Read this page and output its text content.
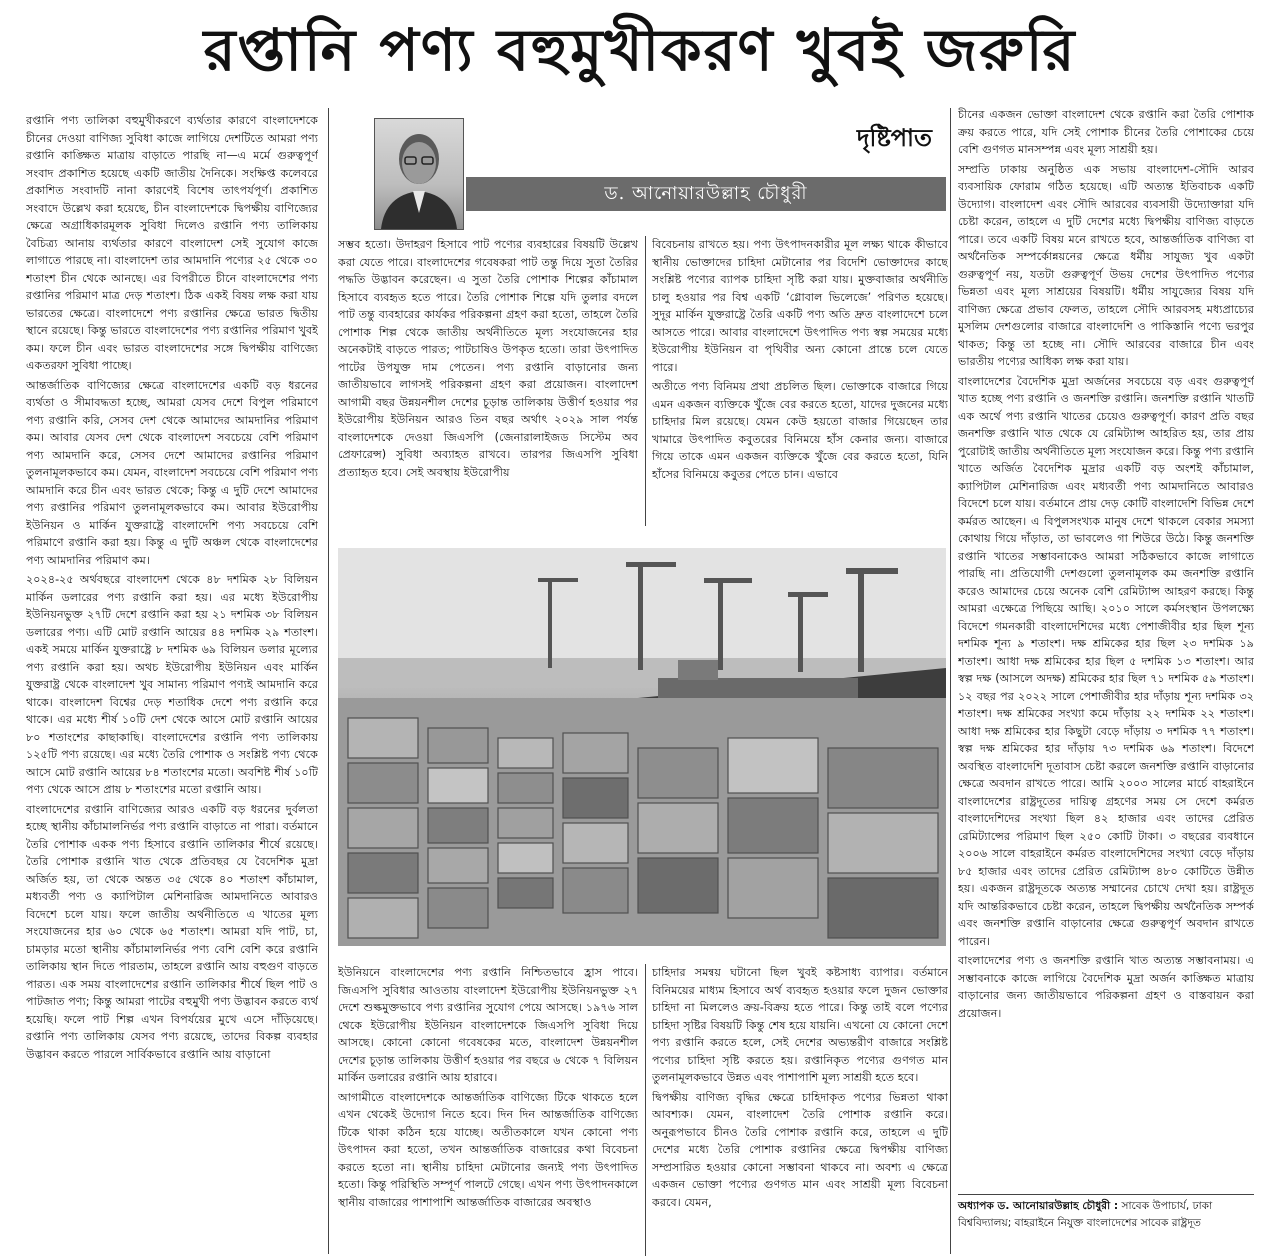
রপ্তানি পণ্য বহুমুখীকরণ খুবই জরুরি

রপ্তানি পণ্য তালিকা বহুমুখীকরণে ব্যর্থতার কারণে বাংলাদেশকে চীনের দেওয়া বাণিজ্য সুবিধা কাজে লাগিয়ে দেশটিতে আমরা পণ্য রপ্তানি কাঙ্ক্ষিত মাত্রায় বাড়াতে পারছি না—এ মর্মে গুরুত্বপূর্ণ সংবাদ প্রকাশিত হয়েছে একটি জাতীয় দৈনিকে। সংক্ষিপ্ত কলেবরে প্রকাশিত সংবাদটি নানা কারণেই বিশেষ তাৎপর্যপূর্ণ। প্রকাশিত সংবাদে উল্লেখ করা হয়েছে, চীন বাংলাদেশকে দ্বিপক্ষীয় বাণিজ্যের ক্ষেত্রে অগ্রাধিকারমূলক সুবিধা দিলেও রপ্তানি পণ্য তালিকায় বৈচিত্র্য আনায় ব্যর্থতার কারণে বাংলাদেশ সেই সুযোগ কাজে লাগাতে পারছে না। বাংলাদেশ তার আমদানি পণ্যের ২৫ থেকে ৩০ শতাংশ চীন থেকে আনছে। এর বিপরীতে চীনে বাংলাদেশের পণ্য রপ্তানির পরিমাণ মাত্র দেড় শতাংশ। ঠিক একই বিষয় লক্ষ করা যায় ভারতের ক্ষেত্রে। বাংলাদেশে পণ্য রপ্তানির ক্ষেত্রে ভারত দ্বিতীয় স্থানে রয়েছে। কিন্তু ভারতে বাংলাদেশের পণ্য রপ্তানির পরিমাণ খুবই কম। ফলে চীন এবং ভারত বাংলাদেশের সঙ্গে দ্বিপক্ষীয় বাণিজ্যে একতরফা সুবিধা পাচ্ছে।

আন্তর্জাতিক বাণিজ্যের ক্ষেত্রে বাংলাদেশের একটি বড় ধরনের ব্যর্থতা ও সীমাবদ্ধতা হচ্ছে, আমরা যেসব দেশে বিপুল পরিমাণে পণ্য রপ্তানি করি, সেসব দেশ থেকে আমাদের আমদানির পরিমাণ কম। আবার যেসব দেশ থেকে বাংলাদেশ সবচেয়ে বেশি পরিমাণ পণ্য আমদানি করে, সেসব দেশে আমাদের রপ্তানির পরিমাণ তুলনামূলকভাবে কম। যেমন, বাংলাদেশ সবচেয়ে বেশি পরিমাণ পণ্য আমদানি করে চীন এবং ভারত থেকে; কিন্তু এ দুটি দেশে আমাদের পণ্য রপ্তানির পরিমাণ তুলনামূলকভাবে কম। আবার ইউরোপীয় ইউনিয়ন ও মার্কিন যুক্তরাষ্ট্রে বাংলাদেশি পণ্য সবচেয়ে বেশি পরিমাণে রপ্তানি করা হয়। কিন্তু এ দুটি অঞ্চল থেকে বাংলাদেশের পণ্য আমদানির পরিমাণ কম।

২০২৪-২৫ অর্থবছরে বাংলাদেশ থেকে ৪৮ দশমিক ২৮ বিলিয়ন মার্কিন ডলারের পণ্য রপ্তানি করা হয়। এর মধ্যে ইউরোপীয় ইউনিয়নভুক্ত ২৭টি দেশে রপ্তানি করা হয় ২১ দশমিক ৩৮ বিলিয়ন ডলারের পণ্য। এটি মোট রপ্তানি আয়ের ৪৪ দশমিক ২৯ শতাংশ। একই সময়ে মার্কিন যুক্তরাষ্ট্রে ৮ দশমিক ৬৯ বিলিয়ন ডলার মূল্যের পণ্য রপ্তানি করা হয়। অথচ ইউরোপীয় ইউনিয়ন এবং মার্কিন যুক্তরাষ্ট্র থেকে বাংলাদেশ খুব সামান্য পরিমাণ পণ্যই আমদানি করে থাকে। বাংলাদেশ বিশ্বের দেড় শতাধিক দেশে পণ্য রপ্তানি করে থাকে। এর মধ্যে শীর্ষ ১০টি দেশ থেকে আসে মোট রপ্তানি আয়ের ৮০ শতাংশের কাছাকাছি। বাংলাদেশের রপ্তানি পণ্য তালিকায় ১২৫টি পণ্য রয়েছে। এর মধ্যে তৈরি পোশাক ও সংশ্লিষ্ট পণ্য থেকে আসে মোট রপ্তানি আয়ের ৮৪ শতাংশের মতো। অবশিষ্ট শীর্ষ ১০টি পণ্য থেকে আসে প্রায় ৮ শতাংশের মতো রপ্তানি আয়।

বাংলাদেশের রপ্তানি বাণিজ্যের আরও একটি বড় ধরনের দুর্বলতা হচ্ছে স্থানীয় কাঁচামালনির্ভর পণ্য রপ্তানি বাড়াতে না পারা। বর্তমানে তৈরি পোশাক একক পণ্য হিসাবে রপ্তানি তালিকার শীর্ষে রয়েছে। তৈরি পোশাক রপ্তানি খাত থেকে প্রতিবছর যে বৈদেশিক মুদ্রা অর্জিত হয়, তা থেকে অন্তত ৩৫ থেকে ৪০ শতাংশ কাঁচামাল, মধ্যবর্তী পণ্য ও ক্যাপিটাল মেশিনারিজ আমদানিতে আবারও বিদেশে চলে যায়। ফলে জাতীয় অর্থনীতিতে এ খাতের মূল্য সংযোজনের হার ৬০ থেকে ৬৫ শতাংশ। আমরা যদি পাট, চা, চামড়ার মতো স্থানীয় কাঁচামালনির্ভর পণ্য বেশি বেশি করে রপ্তানি তালিকায় স্থান দিতে পারতাম, তাহলে রপ্তানি আয় বহুগুণ বাড়তে পারত। এক সময় বাংলাদেশের রপ্তানি তালিকার শীর্ষে ছিল পাট ও পাটজাত পণ্য; কিন্তু আমরা পাটের বহুমুখী পণ্য উদ্ভাবন করতে ব্যর্থ হয়েছি। ফলে পাট শিল্প এখন বিপর্যয়ের মুখে এসে দাঁড়িয়েছে। রপ্তানি পণ্য তালিকায় যেসব পণ্য রয়েছে, তাদের বিকল্প ব্যবহার উদ্ভাবন করতে পারলে সার্বিকভাবে রপ্তানি আয় বাড়ানো

দৃষ্টিপাত
ড. আনোয়ারউল্লাহ চৌধুরী

সম্ভব হতো। উদাহরণ হিসাবে পাট পণ্যের ব্যবহারের বিষয়টি উল্লেখ করা যেতে পারে। বাংলাদেশের গবেষকরা পাট তন্তু দিয়ে সুতা তৈরির পদ্ধতি উদ্ভাবন করেছেন। এ সুতা তৈরি পোশাক শিল্পের কাঁচামাল হিসাবে ব্যবহৃত হতে পারে। তৈরি পোশাক শিল্পে যদি তুলার বদলে পাট তন্তু ব্যবহারের কার্যকর পরিকল্পনা গ্রহণ করা হতো, তাহলে তৈরি পোশাক শিল্প থেকে জাতীয় অর্থনীতিতে মূল্য সংযোজনের হার অনেকটাই বাড়তে পারত; পাটচাষিও উপকৃত হতো। তারা উৎপাদিত পাটের উপযুক্ত দাম পেতেন। পণ্য রপ্তানি বাড়ানোর জন্য জাতীয়ভাবে লাগসই পরিকল্পনা গ্রহণ করা প্রয়োজন। বাংলাদেশ আগামী বছর উন্নয়নশীল দেশের চূড়ান্ত তালিকায় উত্তীর্ণ হওয়ার পর ইউরোপীয় ইউনিয়ন আরও তিন বছর অর্থাৎ ২০২৯ সাল পর্যন্ত বাংলাদেশকে দেওয়া জিএসপি (জেনারালাইজড সিস্টেম অব প্রেফারেন্স) সুবিধা অব্যাহত রাখবে। তারপর জিএসপি সুবিধা প্রত্যাহৃত হবে। সেই অবস্থায় ইউরোপীয়

বিবেচনায় রাখতে হয়। পণ্য উৎপাদনকারীর মূল লক্ষ্য থাকে কীভাবে স্থানীয় ভোক্তাদের চাহিদা মেটানোর পর বিদেশি ভোক্তাদের কাছে সংশ্লিষ্ট পণ্যের ব্যাপক চাহিদা সৃষ্টি করা যায়। মুক্তবাজার অর্থনীতি চালু হওয়ার পর বিশ্ব একটি ‘গ্লোবাল ভিলেজে’ পরিণত হয়েছে। সুদূর মার্কিন যুক্তরাষ্ট্রে তৈরি একটি পণ্য অতি দ্রুত বাংলাদেশে চলে আসতে পারে। আবার বাংলাদেশে উৎপাদিত পণ্য স্বল্প সময়ের মধ্যে ইউরোপীয় ইউনিয়ন বা পৃথিবীর অন্য কোনো প্রান্তে চলে যেতে পারে।

অতীতে পণ্য বিনিময় প্রথা প্রচলিত ছিল। ভোক্তাকে বাজারে গিয়ে এমন একজন ব্যক্তিকে খুঁজে বের করতে হতো, যাদের দুজনের মধ্যে চাহিদার মিল রয়েছে। যেমন কেউ হয়তো বাজার গিয়েছেন তার খামারে উৎপাদিত কবুতরের বিনিময়ে হাঁস কেনার জন্য। বাজারে গিয়ে তাকে এমন একজন ব্যক্তিকে খুঁজে বের করতে হতো, যিনি হাঁসের বিনিময়ে কবুতর পেতে চান। এভাবে

ইউনিয়নে বাংলাদেশের পণ্য রপ্তানি নিশ্চিতভাবে হ্রাস পাবে। জিএসপি সুবিধার আওতায় বাংলাদেশ ইউরোপীয় ইউনিয়নভুক্ত ২৭ দেশে শুল্কমুক্তভাবে পণ্য রপ্তানির সুযোগ পেয়ে আসছে। ১৯৭৬ সাল থেকে ইউরোপীয় ইউনিয়ন বাংলাদেশকে জিএসপি সুবিধা দিয়ে আসছে। কোনো কোনো গবেষকের মতে, বাংলাদেশ উন্নয়নশীল দেশের চূড়ান্ত তালিকায় উত্তীর্ণ হওয়ার পর বছরে ৬ থেকে ৭ বিলিয়ন মার্কিন ডলারের রপ্তানি আয় হারাবে।

আগামীতে বাংলাদেশকে আন্তর্জাতিক বাণিজ্যে টিকে থাকতে হলে এখন থেকেই উদ্যোগ নিতে হবে। দিন দিন আন্তর্জাতিক বাণিজ্যে টিকে থাকা কঠিন হয়ে যাচ্ছে। অতীতকালে যখন কোনো পণ্য উৎপাদন করা হতো, তখন আন্তর্জাতিক বাজারের কথা বিবেচনা করতে হতো না। স্থানীয় চাহিদা মেটানোর জন্যই পণ্য উৎপাদিত হতো। কিন্তু পরিস্থিতি সম্পূর্ণ পালটে গেছে। এখন পণ্য উৎপাদনকালে স্থানীয় বাজারের পাশাপাশি আন্তর্জাতিক বাজারের অবস্থাও

চাহিদার সমন্বয় ঘটানো ছিল খুবই কষ্টসাধ্য ব্যাপার। বর্তমানে বিনিময়ের মাধ্যম হিসাবে অর্থ ব্যবহৃত হওয়ার ফলে দুজন ভোক্তার চাহিদা না মিললেও ক্রয়-বিক্রয় হতে পারে। কিন্তু তাই বলে পণ্যের চাহিদা সৃষ্টির বিষয়টি কিন্তু শেষ হয়ে যায়নি। এখনো যে কোনো দেশে পণ্য রপ্তানি করতে হলে, সেই দেশের অভ্যন্তরীণ বাজারে সংশ্লিষ্ট পণ্যের চাহিদা সৃষ্টি করতে হয়। রপ্তানিকৃত পণ্যের গুণগত মান তুলনামূলকভাবে উন্নত এবং পাশাপাশি মূল্য সাশ্রয়ী হতে হবে।

দ্বিপক্ষীয় বাণিজ্য বৃদ্ধির ক্ষেত্রে চাহিদাকৃত পণ্যের ভিন্নতা থাকা আবশ্যক। যেমন, বাংলাদেশ তৈরি পোশাক রপ্তানি করে। অনুরূপভাবে চীনও তৈরি পোশাক রপ্তানি করে, তাহলে এ দুটি দেশের মধ্যে তৈরি পোশাক রপ্তানির ক্ষেত্রে দ্বিপক্ষীয় বাণিজ্য সম্প্রসারিত হওয়ার কোনো সম্ভাবনা থাকবে না। অবশ্য এ ক্ষেত্রে একজন ভোক্তা পণ্যের গুণগত মান এবং সাশ্রয়ী মূল্য বিবেচনা করবে। যেমন,

চীনের একজন ভোক্তা বাংলাদেশ থেকে রপ্তানি করা তৈরি পোশাক ক্রয় করতে পারে, যদি সেই পোশাক চীনের তৈরি পোশাকের চেয়ে বেশি গুণগত মানসম্পন্ন এবং মূল্য সাশ্রয়ী হয়।

সম্প্রতি ঢাকায় অনুষ্ঠিত এক সভায় বাংলাদেশ-সৌদি আরব ব্যবসায়িক ফোরাম গঠিত হয়েছে। এটি অত্যন্ত ইতিবাচক একটি উদ্যোগ। বাংলাদেশ এবং সৌদি আরবের ব্যবসায়ী উদ্যোক্তারা যদি চেষ্টা করেন, তাহলে এ দুটি দেশের মধ্যে দ্বিপক্ষীয় বাণিজ্য বাড়তে পারে। তবে একটি বিষয় মনে রাখতে হবে, আন্তর্জাতিক বাণিজ্য বা অর্থনৈতিক সম্পর্কোন্নয়নের ক্ষেত্রে ধর্মীয় সাযুজ্য খুব একটা গুরুত্বপূর্ণ নয়, যতটা গুরুত্বপূর্ণ উভয় দেশের উৎপাদিত পণ্যের ভিন্নতা এবং মূল্য সাশ্রয়ের বিষয়টি। ধর্মীয় সাযুজ্যের বিষয় যদি বাণিজ্য ক্ষেত্রে প্রভাব ফেলত, তাহলে সৌদি আরবসহ মধ্যপ্রাচ্যের মুসলিম দেশগুলোর বাজারে বাংলাদেশি ও পাকিস্তানি পণ্যে ভরপুর থাকত; কিন্তু তা হচ্ছে না। সৌদি আরবের বাজারে চীন এবং ভারতীয় পণ্যের আধিক্য লক্ষ করা যায়।

বাংলাদেশের বৈদেশিক মুদ্রা অর্জনের সবচেয়ে বড় এবং গুরুত্বপূর্ণ খাত হচ্ছে পণ্য রপ্তানি ও জনশক্তি রপ্তানি। জনশক্তি রপ্তানি খাতটি এক অর্থে পণ্য রপ্তানি খাতের চেয়েও গুরুত্বপূর্ণ। কারণ প্রতি বছর জনশক্তি রপ্তানি খাত থেকে যে রেমিট্যান্স আহরিত হয়, তার প্রায় পুরোটাই জাতীয় অর্থনীতিতে মূল্য সংযোজন করে। কিন্তু পণ্য রপ্তানি খাতে অর্জিত বৈদেশিক মুদ্রার একটি বড় অংশই কাঁচামাল, ক্যাপিটাল মেশিনারিজ এবং মধ্যবর্তী পণ্য আমদানিতে আবারও বিদেশে চলে যায়। বর্তমানে প্রায় দেড় কোটি বাংলাদেশি বিভিন্ন দেশে কর্মরত আছেন। এ বিপুলসংখ্যক মানুষ দেশে থাকলে বেকার সমস্যা কোথায় গিয়ে দাঁড়াত, তা ভাবলেও গা শিউরে উঠে। কিন্তু জনশক্তি রপ্তানি খাতের সম্ভাবনাকেও আমরা সঠিকভাবে কাজে লাগাতে পারছি না। প্রতিযোগী দেশগুলো তুলনামূলক কম জনশক্তি রপ্তানি করেও আমাদের চেয়ে অনেক বেশি রেমিট্যান্স আহরণ করছে। কিন্তু আমরা এক্ষেত্রে পিছিয়ে আছি। ২০১০ সালে কর্মসংস্থান উপলক্ষ্যে বিদেশে গমনকারী বাংলাদেশিদের মধ্যে পেশাজীবীর হার ছিল শূন্য দশমিক শূন্য ৯ শতাংশ। দক্ষ শ্রমিকের হার ছিল ২৩ দশমিক ১৯ শতাংশ। আধা দক্ষ শ্রমিকের হার ছিল ৫ দশমিক ১৩ শতাংশ। আর স্বল্প দক্ষ (আসলে অদক্ষ) শ্রমিকের হার ছিল ৭১ দশমিক ৫৯ শতাংশ। ১২ বছর পর ২০২২ সালে পেশাজীবীর হার দাঁড়ায় শূন্য দশমিক ৩২ শতাংশ। দক্ষ শ্রমিকের সংখ্যা কমে দাঁড়ায় ২২ দশমিক ২২ শতাংশ। আধা দক্ষ শ্রমিকের হার কিছুটা বেড়ে দাঁড়ায় ৩ দশমিক ৭৭ শতাংশ। স্বল্প দক্ষ শ্রমিকের হার দাঁড়ায় ৭৩ দশমিক ৬৯ শতাংশ। বিদেশে অবস্থিত বাংলাদেশি দূতাবাস চেষ্টা করলে জনশক্তি রপ্তানি বাড়ানোর ক্ষেত্রে অবদান রাখতে পারে। আমি ২০০৩ সালের মার্চে বাহরাইনে বাংলাদেশের রাষ্ট্রদূতের দায়িত্ব গ্রহণের সময় সে দেশে কর্মরত বাংলাদেশিদের সংখ্যা ছিল ৪২ হাজার এবং তাদের প্রেরিত রেমিট্যান্সের পরিমাণ ছিল ২৫০ কোটি টাকা। ৩ বছরের ব্যবধানে ২০০৬ সালে বাহরাইনে কর্মরত বাংলাদেশিদের সংখ্যা বেড়ে দাঁড়ায় ৮৫ হাজার এবং তাদের প্রেরিত রেমিট্যান্স ৪৮০ কোটিতে উন্নীত হয়। একজন রাষ্ট্রদূতকে অত্যন্ত সম্মানের চোখে দেখা হয়। রাষ্ট্রদূত যদি আন্তরিকভাবে চেষ্টা করেন, তাহলে দ্বিপক্ষীয় অর্থনৈতিক সম্পর্ক এবং জনশক্তি রপ্তানি বাড়ানোর ক্ষেত্রে গুরুত্বপূর্ণ অবদান রাখতে পারেন।

বাংলাদেশের পণ্য ও জনশক্তি রপ্তানি খাত অত্যন্ত সম্ভাবনাময়। এ সম্ভাবনাকে কাজে লাগিয়ে বৈদেশিক মুদ্রা অর্জন কাঙ্ক্ষিত মাত্রায় বাড়ানোর জন্য জাতীয়ভাবে পরিকল্পনা গ্রহণ ও বাস্তবায়ন করা প্রয়োজন।

অধ্যাপক ড. আনোয়ারউল্লাহ চৌধুরী : সাবেক উপাচার্য, ঢাকা বিশ্ববিদ্যালয়; বাহরাইনে নিযুক্ত বাংলাদেশের সাবেক রাষ্ট্রদূত
